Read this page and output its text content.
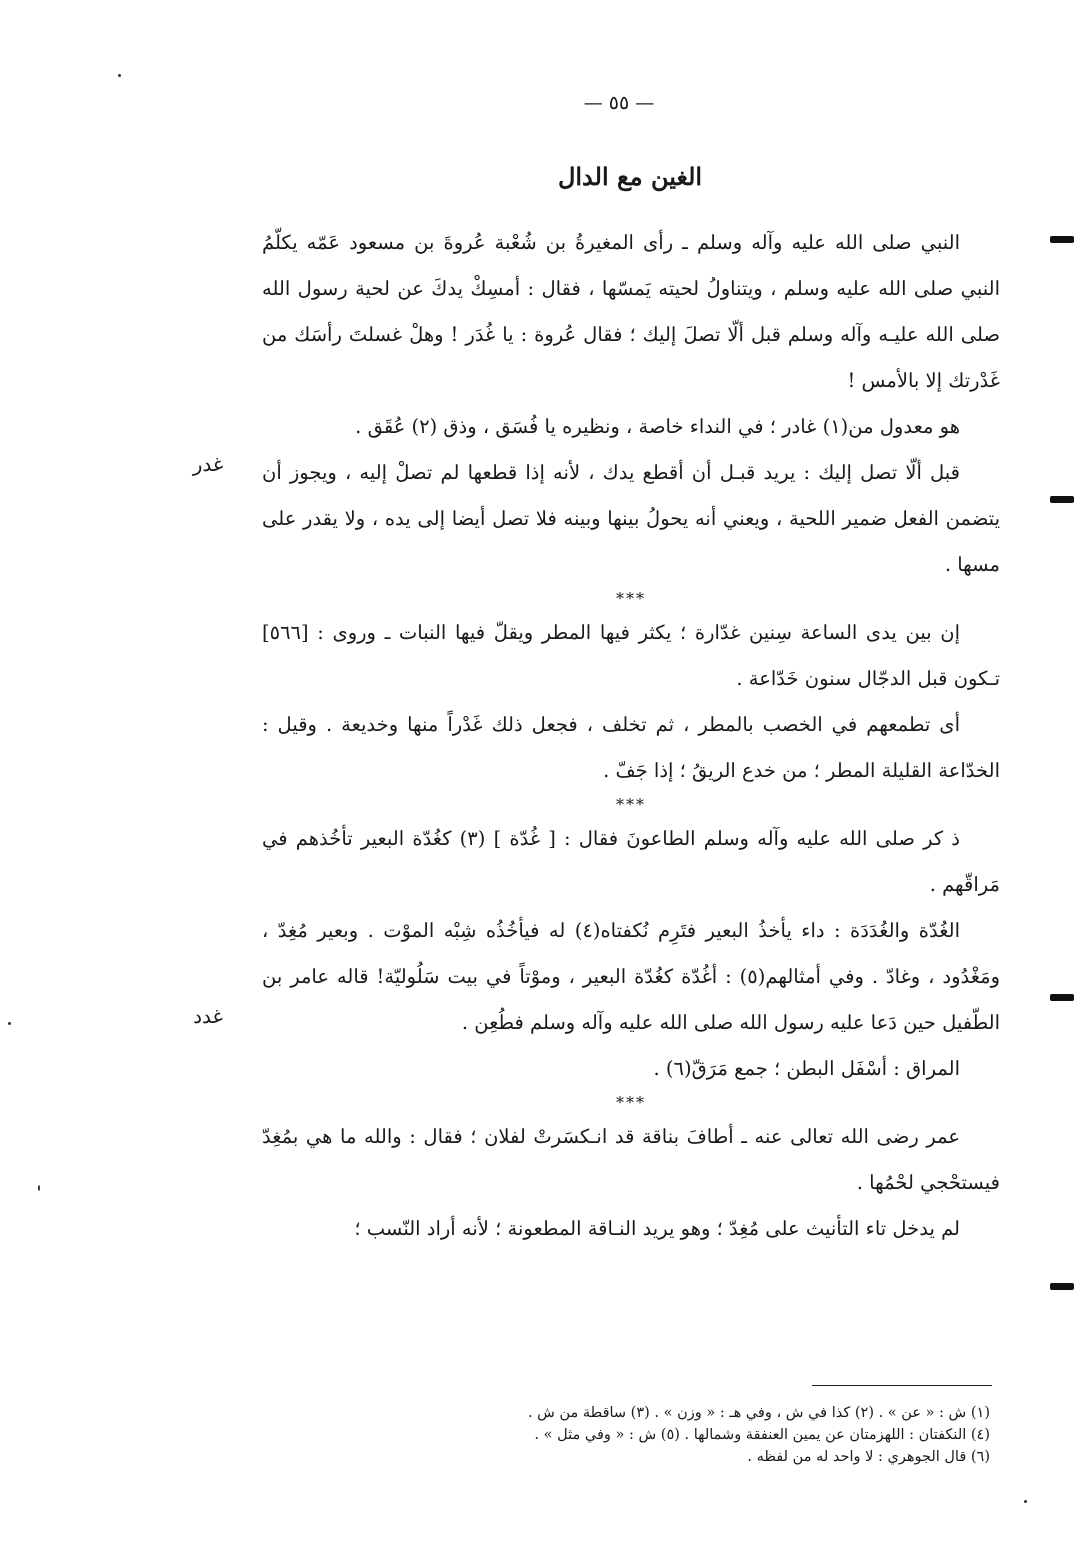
— ٥٥ —
الغين مع الدال
غدر
غدد

النبي صلى الله عليه وآله وسلم ـ رأى المغيرةُ بن شُعْبة عُروةَ بن مسعود عَمّه يكلّمُ النبي صلى الله عليه وسلم ، ويتناولُ لحيته يَمسّها ، فقال : أمسِكْ يدكَ عن لحية رسول الله صلى الله عليـه وآله وسلم قبل ألّا تصلَ إليك ؛ فقال عُروة : يا غُدَر ! وهلْ غسلتَ رأسَك من غَدْرتك إلا بالأمس !

هو معدول من(١) غادر ؛ في النداء خاصة ، ونظيره يا فُسَق ، وذق (٢) عُقَق .

قبل ألّا تصل إليك : يريد قبـل أن أقطع يدك ، لأنه إذا قطعها لم تصلْ إليه ، ويجوز أن يتضمن الفعل ضمير اللحية ، ويعني أنه يحولُ بينها وبينه فلا تصل أيضا إلى يده ، ولا يقدر على مسها .

***

إن بين يدى الساعة سِنين غدّارة ؛ يكثر فيها المطر ويقلّ فيها النبات ـ وروى : [٥٦٦] تـكون قبل الدجّال سنون خَدّاعة .

أى تطمعهم في الخصب بالمطر ، ثم تخلف ، فجعل ذلك غَدْراً منها وخديعة . وقيل : الخدّاعة القليلة المطر ؛ من خدع الريقُ ؛ إذا جَفّ .

***

ذ كر صلى الله عليه وآله وسلم الطاعونَ فقال : [ غُدّة ] (٣) كغُدّة البعير تأخُذهم في مَراقّهم .

الغُدّة والغُدَدَة : داء يأخذُ البعير فتَرِم نُكفتاه(٤) له فيأخُذُه شِبْه الموْت . وبعير مُغِدّ ، ومَغْدُود ، وغادّ . وفي أمثالهم(٥) : أغُدّة كغُدّة البعير ، وموْتاً في بيت سَلُوليّة! قاله عامر بن الطّفيل حين دَعا عليه رسول الله صلى الله عليه وآله وسلم فطُعِن .

المراق : أسْفَل البطن ؛ جمع مَرَقّ(٦) .

***

عمر رضى الله تعالى عنه ـ أطافَ بناقة قد انـكسَرتْ لفلان ؛ فقال : والله ما هي بمُغِدّ فيستحْجي لحْمُها .

لم يدخل تاء التأنيث على مُغِدّ ؛ وهو يريد النـاقة المطعونة ؛ لأنه أراد النّسب ؛

(١) ش : « عن » . (٢) كذا في ش ، وفي هـ : « وزن » . (٣) ساقطة من ش .
(٤) النكفتان : اللهزمتان عن يمين العنفقة وشمالها . (٥) ش : « وفي مثل » .
(٦) قال الجوهري : لا واحد له من لفظه .
